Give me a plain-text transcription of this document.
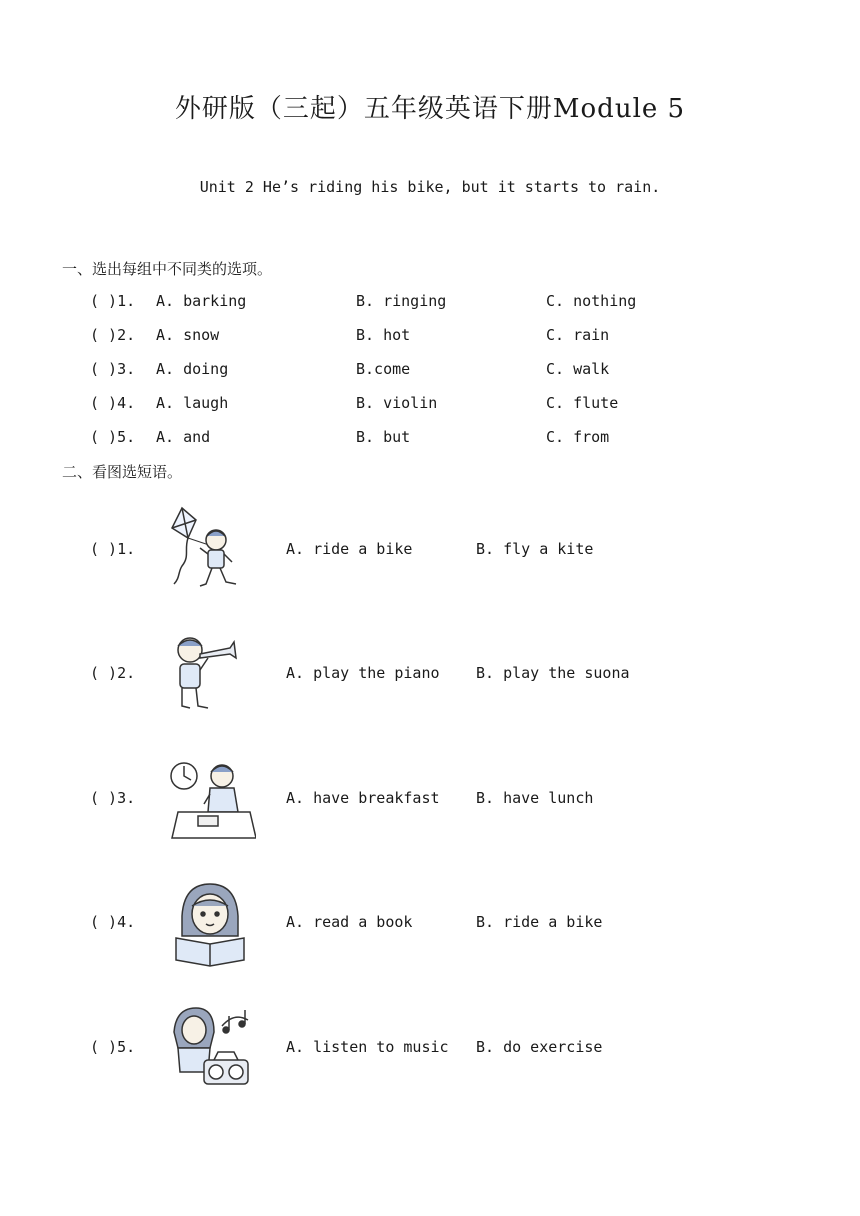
外研版（三起）五年级英语下册Module 5
Unit 2 He’s riding his bike, but it starts to rain.
一、选出每组中不同类的选项。
( )1. A. barking	B. ringing	C. nothing
( )2. A. snow	B. hot	C. rain
( )3. A. doing	B.come	C. walk
( )4. A. laugh	B. violin	C. flute
( )5. A. and	B. but	C. from
二、看图选短语。
( )1.	A. ride a bike	B. fly a kite
( )2.	A. play the piano B. play the suona
( )3.	A. have breakfast B. have lunch
( )4.	A. read a book	B. ride a bike
( )5.	A. listen to music B. do exercise
